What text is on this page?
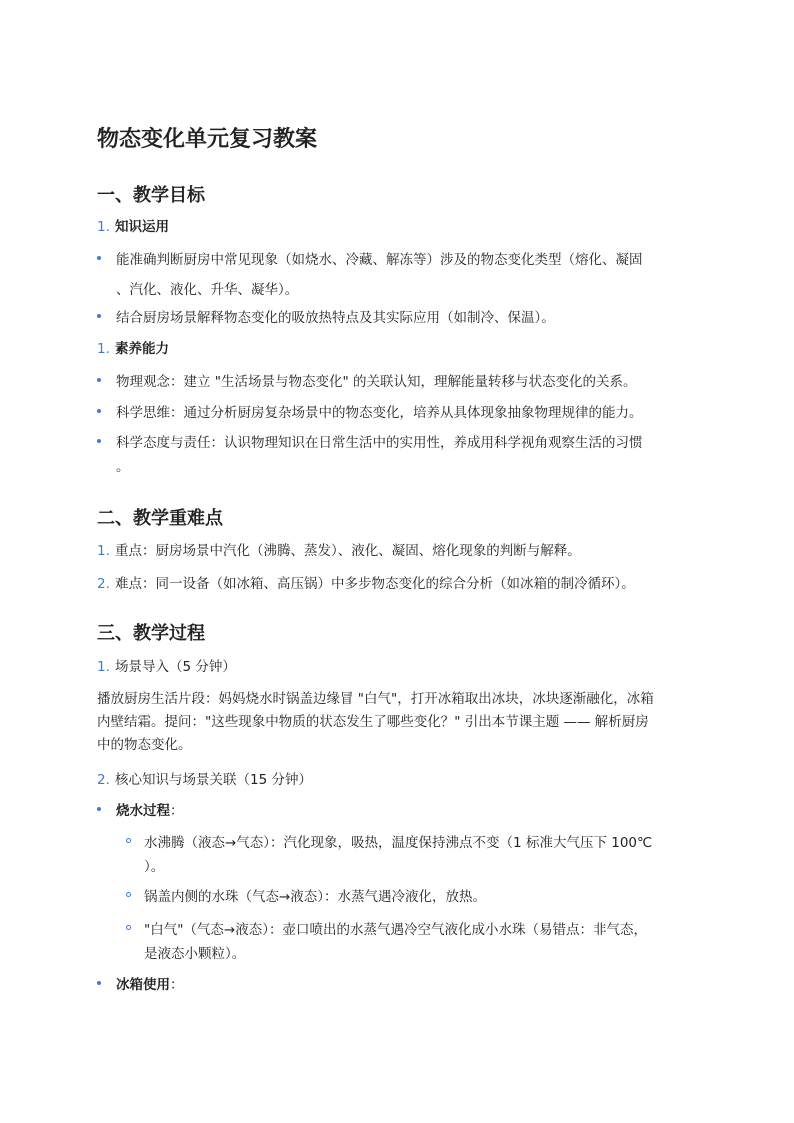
物态变化单元复习教案
一、教学目标
1. 知识运用
能准确判断厨房中常见现象（如烧水、冷藏、解冻等）涉及的物态变化类型（熔化、凝固
、汽化、液化、升华、凝华）。
结合厨房场景解释物态变化的吸放热特点及其实际应用（如制冷、保温）。
1. 素养能力
物理观念：建立 "生活场景与物态变化" 的关联认知，理解能量转移与状态变化的关系。
科学思维：通过分析厨房复杂场景中的物态变化，培养从具体现象抽象物理规律的能力。
科学态度与责任：认识物理知识在日常生活中的实用性，养成用科学视角观察生活的习惯
。
二、教学重难点
1. 重点：厨房场景中汽化（沸腾、蒸发）、液化、凝固、熔化现象的判断与解释。
2. 难点：同一设备（如冰箱、高压锅）中多步物态变化的综合分析（如冰箱的制冷循环）。
三、教学过程
1. 场景导入（5 分钟）
播放厨房生活片段：妈妈烧水时锅盖边缘冒 "白气"，打开冰箱取出冰块，冰块逐渐融化，冰箱
内壁结霜。提问："这些现象中物质的状态发生了哪些变化？" 引出本节课主题 —— 解析厨房
中的物态变化。
2. 核心知识与场景关联（15 分钟）
烧水过程：
水沸腾（液态→气态）：汽化现象，吸热，温度保持沸点不变（1 标准大气压下 100℃
）。
锅盖内侧的水珠（气态→液态）：水蒸气遇冷液化，放热。
"白气"（气态→液态）：壶口喷出的水蒸气遇冷空气液化成小水珠（易错点：非气态，
是液态小颗粒）。
冰箱使用：
